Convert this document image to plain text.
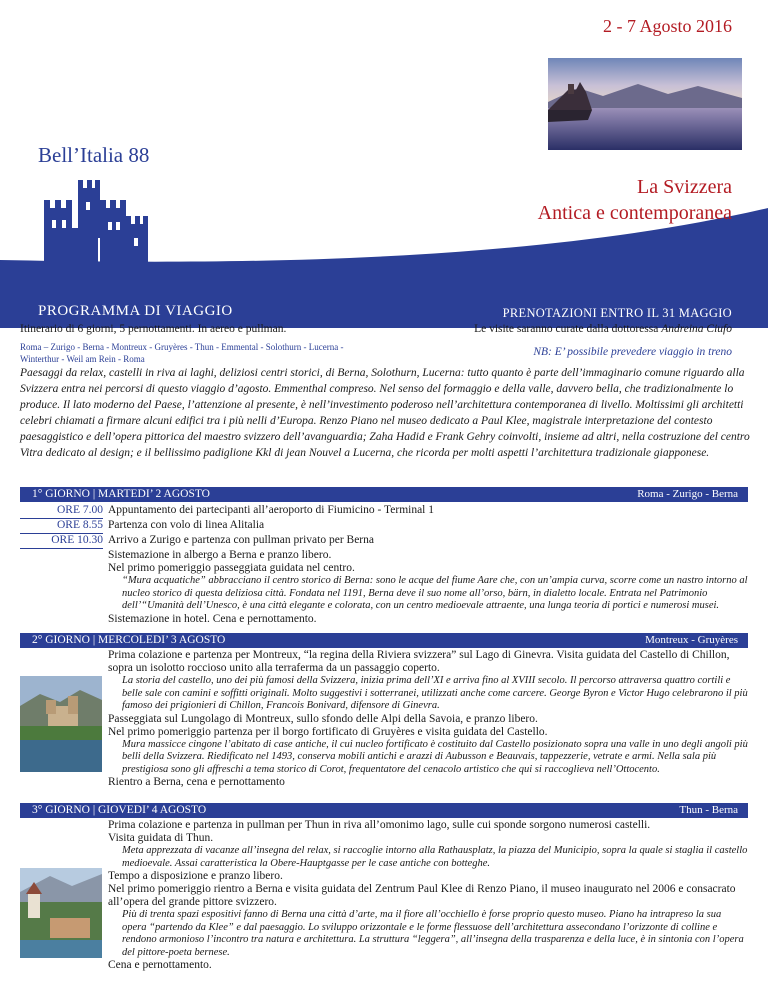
2 - 7 Agosto 2016
Bell’Italia 88
La Svizzera
Antica e contemporanea
PROGRAMMA DI VIAGGIO	PRENOTAZIONI ENTRO IL 31 MAGGIO
Itinerario di 6 giorni, 5 pernottamenti. In aereo e pullman.
Roma – Zurigo - Berna - Montreux - Gruyères - Thun - Emmental - Solothurn - Lucerna -
Winterthur - Weil am Rein - Roma
Le visite saranno curate dalla dottoressa Andreina Ciufo
NB: E’ possibile prevedere viaggio in treno
Paesaggi da relax, castelli in riva ai laghi, deliziosi centri storici, di Berna, Solothurn, Lucerna: tutto quanto è parte dell’immaginario comune riguardo alla Svizzera entra nei percorsi di questo viaggio d’agosto. Emmenthal compreso. Nel senso del formaggio e della valle, davvero bella, che tradizionalmente lo produce. Il lato moderno del Paese, l’attenzione al presente, è nell’investimento poderoso nell’architettura contemporanea di livello. Moltissimi gli architetti celebri chiamati a firmare alcuni edifici tra i più nelli d’Europa. Renzo Piano nel museo dedicato a Paul Klee, magistrale interpretazione del contesto paesaggistico e dell’opera pittorica del maestro svizzero dell’avanguardia; Zaha Hadid e Frank Gehry coinvolti, insieme ad altri, nella costruzione del centro Vitra dedicato al design; e il bellissimo padiglione Kkl di jean Nouvel a Lucerna, che ricorda per molti aspetti l’architettura tradizionale giapponese.
1° GIORNO | MARTEDI’ 2 AGOSTO	Roma - Zurigo - Berna
ORE 7.00 Appuntamento dei partecipanti all’aeroporto di Fiumicino - Terminal 1
ORE 8.55 Partenza con volo di linea Alitalia
ORE 10.30 Arrivo a Zurigo e partenza con pullman privato per Berna
Sistemazione in albergo a Berna e pranzo libero.
Nel primo pomeriggio passeggiata guidata nel centro.
“Mura acquatiche” abbracciano il centro storico di Berna: sono le acque del fiume Aare che, con un’ampia curva, scorre come un nastro intorno al nucleo storico di questa deliziosa città. Fondata nel 1191, Berna deve il suo nome all’orso, bärn, in dialetto locale. Entrata nel Patrimonio dell’“Umanità dell’Unesco, è una città elegante e colorata, con un centro medioevale attraente, una lunga teoria di portici e numerosi musei.
Sistemazione in hotel. Cena e pernottamento.
2° GIORNO | MERCOLEDI’ 3 AGOSTO	Montreux - Gruyères
Prima colazione e partenza per Montreux, “la regina della Riviera svizzera” sul Lago di Ginevra. Visita guidata del Castello di Chillon, sopra un isolotto roccioso unito alla terraferma da un passaggio coperto.
La storia del castello, uno dei più famosi della Svizzera, inizia prima dell’XI e arriva fino al XVIII secolo. Il percorso attraversa quattro cortili e belle sale con camini e soffitti originali. Molto suggestivi i sotterranei, utilizzati anche come carcere. George Byron e Victor Hugo celebrarono il più famoso dei prigionieri di Chillon, Francois Bonivard, difensore di Ginevra.
Passeggiata sul Lungolago di Montreux, sullo sfondo delle Alpi della Savoia, e pranzo libero.
Nel primo pomeriggio partenza per il borgo fortificato di Gruyères e visita guidata del Castello.
Mura massicce cingone l’abitato di case antiche, il cui nucleo fortificato è costituito dal Castello posizionato sopra una valle in uno degli angoli più belli della Svizzera. Riedificato nel 1493, conserva mobili antichi e arazzi di Aubusson e Beauvais, tappezzerie, vetrate e armi. Nella sala più prestigiosa sono gli affreschi a tema storico di Corot, frequentatore del cenacolo artistico che qui si raccoglieva nell’Ottocento.
Rientro a Berna, cena e pernottamento
3° GIORNO | GIOVEDI’ 4 AGOSTO	Thun - Berna
Prima colazione e partenza in pullman per Thun in riva all’omonimo lago, sulle cui sponde sorgono numerosi castelli.
Visita guidata di Thun.
Meta apprezzata di vacanze all’insegna del relax, si raccoglie intorno alla Rathausplatz, la piazza del Municipio, sopra la quale si staglia il castello medioevale. Assai caratteristica la Obere-Hauptgasse per le case antiche con botteghe.
Tempo a disposizione e pranzo libero.
Nel primo pomeriggio rientro a Berna e visita guidata del Zentrum Paul Klee di Renzo Piano, il museo inaugurato nel 2006 e consacrato all’opera del grande pittore svizzero.
Più di trenta spazi espositivi fanno di Berna una città d’arte, ma il fiore all’occhiello è forse proprio questo museo. Piano ha intrapreso la sua opera “partendo da Klee” e dal paesaggio. Lo sviluppo orizzontale e le forme flessuose dell’architettura assecondano l’orizzonte di colline e rendono armonioso l’incontro tra natura e architettura. La struttura “leggera”, all’insegna della trasparenza e della luce, è in sintonia con l’opera del pittore-poeta bernese.
Cena e pernottamento.
